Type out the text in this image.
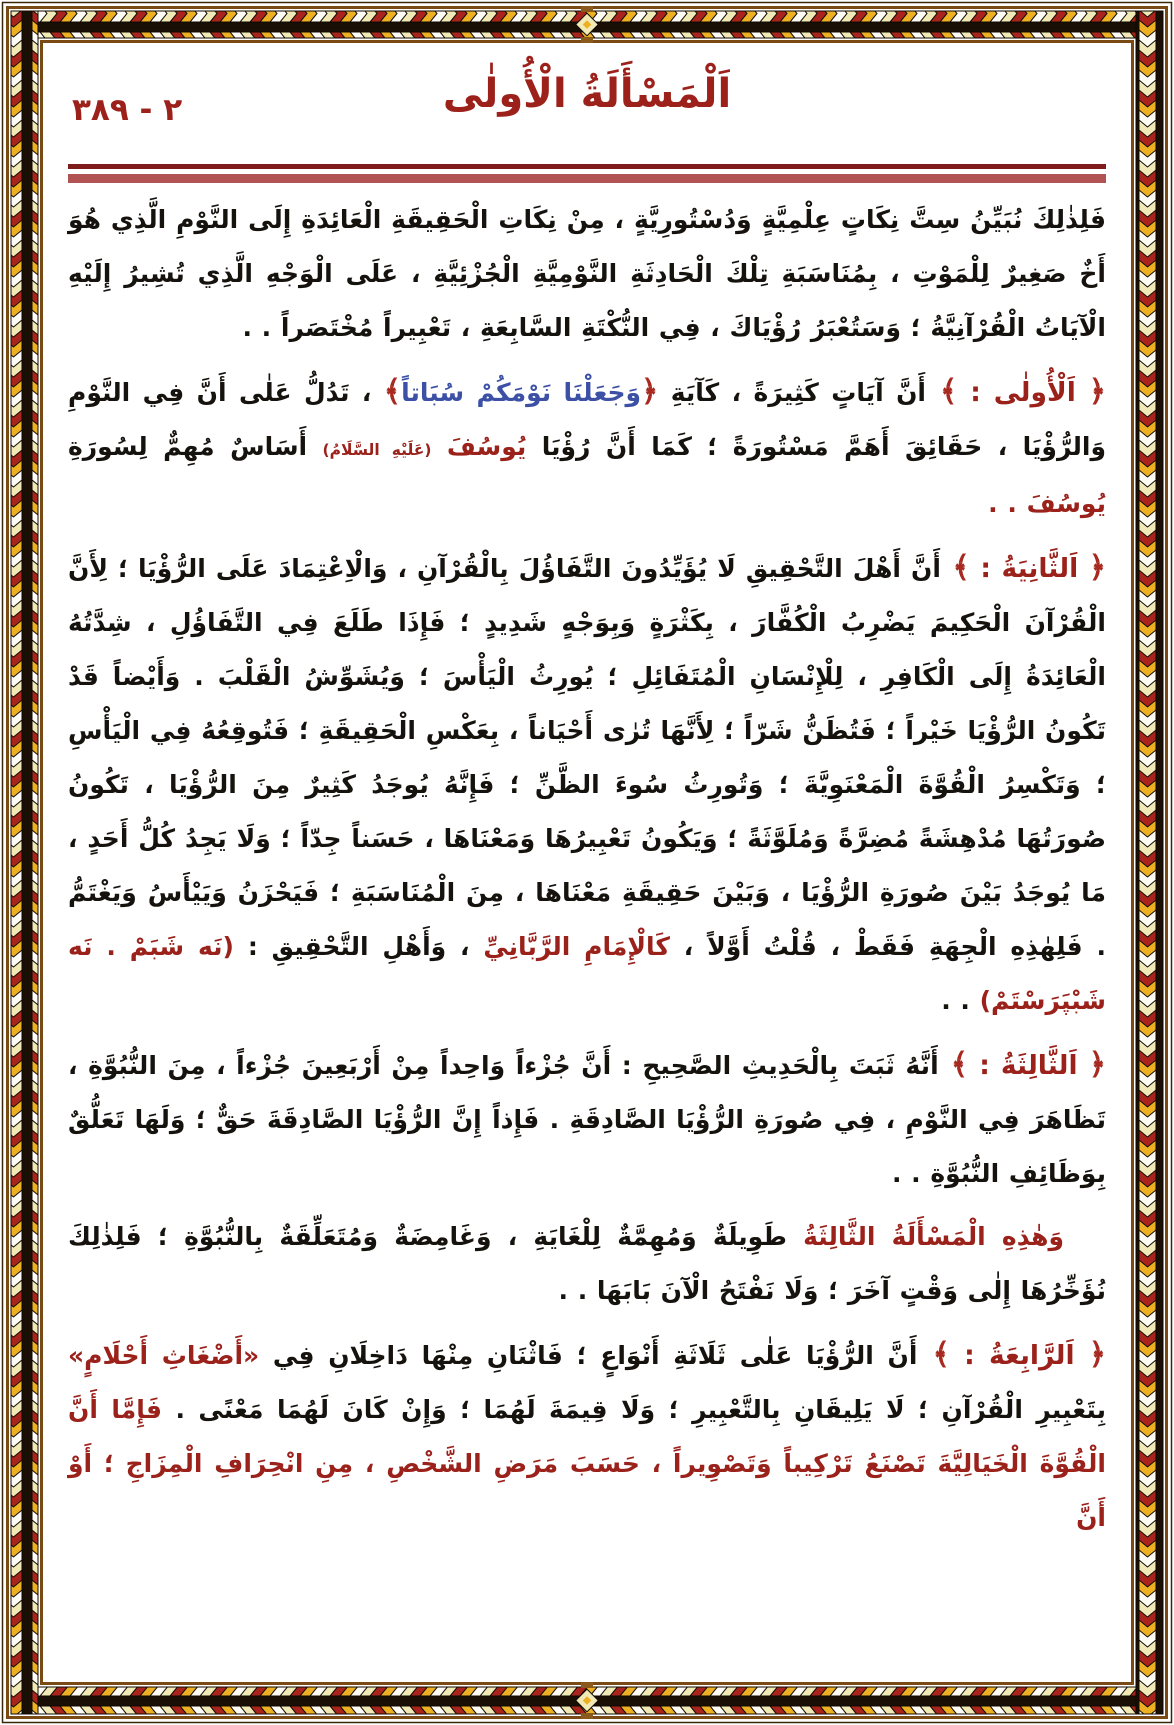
٢ - ٣٨٩	اَلْمَسْأَلَةُ الْأُولٰى

فَلِذٰلِكَ نُبَيِّنُ سِتَّ نِكَاتٍ عِلْمِيَّةٍ وَدُسْتُورِيَّةٍ ، مِنْ نِكَاتِ الْحَقِيقَةِ الْعَائِدَةِ إِلَى النَّوْمِ الَّذِي هُوَ أَخٌ صَغِيرٌ لِلْمَوْتِ ، بِمُنَاسَبَةِ تِلْكَ الْحَادِثَةِ النَّوْمِيَّةِ الْجُزْئِيَّةِ ، عَلَى الْوَجْهِ الَّذِي تُشِيرُ إِلَيْهِ الْآيَاتُ الْقُرْآنِيَّةُ ؛ وَسَتُعْبَرُ رُؤْيَاكَ ، فِي النُّكْتَةِ السَّابِعَةِ ، تَعْبِيراً مُخْتَصَراً . .

﴿ اَلْأُولٰى : ﴾ أَنَّ آيَاتٍ كَثِيرَةً ، كَآيَةِ ﴿وَجَعَلْنَا نَوْمَكُمْ سُبَاتاً﴾ ، تَدُلُّ عَلٰى أَنَّ فِي النَّوْمِ وَالرُّؤْيَا ، حَقَائِقَ أَهَمَّ مَسْتُورَةً ؛ كَمَا أَنَّ رُؤْيَا يُوسُفَ (عَلَيْهِ السَّلَامُ) أَسَاسٌ مُهِمٌّ لِسُورَةِ يُوسُفَ . .

﴿ اَلثَّانِيَةُ : ﴾ أَنَّ أَهْلَ التَّحْقِيقِ لَا يُؤَيِّدُونَ التَّفَاؤُلَ بِالْقُرْآنِ ، وَالْاِعْتِمَادَ عَلَى الرُّؤْيَا ؛ لِأَنَّ الْقُرْآنَ الْحَكِيمَ يَضْرِبُ الْكُفَّارَ ، بِكَثْرَةٍ وَبِوَجْهٍ شَدِيدٍ ؛ فَإِذَا طَلَعَ فِي التَّفَاؤُلِ ، شِدَّتُهُ الْعَائِدَةُ إِلَى الْكَافِرِ ، لِلْإِنْسَانِ الْمُتَفَائِلِ ؛ يُورِثُ الْيَأْسَ ؛ وَيُشَوِّشُ الْقَلْبَ . وَأَيْضاً قَدْ تَكُونُ الرُّؤْيَا خَيْراً ؛ فَتُظَنُّ شَرّاً ؛ لِأَنَّهَا تُرٰى أَحْيَاناً ، بِعَكْسِ الْحَقِيقَةِ ؛ فَتُوقِعُهُ فِي الْيَأْسِ ؛ وَتَكْسِرُ الْقُوَّةَ الْمَعْنَوِيَّةَ ؛ وَتُورِثُ سُوءَ الظَّنِّ ؛ فَإِنَّهُ يُوجَدُ كَثِيرٌ مِنَ الرُّؤْيَا ، تَكُونُ صُورَتُهَا مُدْهِشَةً مُضِرَّةً وَمُلَوَّثَةً ؛ وَيَكُونُ تَعْبِيرُهَا وَمَعْنَاهَا ، حَسَناً جِدّاً ؛ وَلَا يَجِدُ كُلُّ أَحَدٍ ، مَا يُوجَدُ بَيْنَ صُورَةِ الرُّؤْيَا ، وَبَيْنَ حَقِيقَةِ مَعْنَاهَا ، مِنَ الْمُنَاسَبَةِ ؛ فَيَحْزَنُ وَيَيْأَسُ وَيَغْتَمُّ . فَلِهٰذِهِ الْجِهَةِ فَقَطْ ، قُلْتُ أَوَّلاً ، كَالْإِمَامِ الرَّبَّانِيِّ ، وَأَهْلِ التَّحْقِيقِ : (نَه شَبَمْ . نَه شَبْپَرَسْتَمْ) . .

﴿ اَلثَّالِثَةُ : ﴾ أَنَّهُ ثَبَتَ بِالْحَدِيثِ الصَّحِيحِ : أَنَّ جُزْءاً وَاحِداً مِنْ أَرْبَعِينَ جُزْءاً ، مِنَ النُّبُوَّةِ ، تَظَاهَرَ فِي النَّوْمِ ، فِي صُورَةِ الرُّؤْيَا الصَّادِقَةِ . فَإِذاً إِنَّ الرُّؤْيَا الصَّادِقَةَ حَقٌّ ؛ وَلَهَا تَعَلُّقٌ بِوَظَائِفِ النُّبُوَّةِ . .

وَهٰذِهِ الْمَسْأَلَةُ الثَّالِثَةُ طَوِيلَةٌ وَمُهِمَّةٌ لِلْغَايَةِ ، وَغَامِضَةٌ وَمُتَعَلِّقَةٌ بِالنُّبُوَّةِ ؛ فَلِذٰلِكَ نُؤَخِّرُهَا إِلٰى وَقْتٍ آخَرَ ؛ وَلَا نَفْتَحُ الْآنَ بَابَهَا . .

﴿ اَلرَّابِعَةُ : ﴾ أَنَّ الرُّؤْيَا عَلٰى ثَلَاثَةِ أَنْوَاعٍ ؛ فَاثْنَانِ مِنْهَا دَاخِلَانِ فِي «أَضْغَاثِ أَحْلَامٍ» بِتَعْبِيرِ الْقُرْآنِ ؛ لَا يَلِيقَانِ بِالتَّعْبِيرِ ؛ وَلَا قِيمَةَ لَهُمَا ؛ وَإِنْ كَانَ لَهُمَا مَعْنًى . فَإِمَّا أَنَّ الْقُوَّةَ الْخَيَالِيَّةَ تَصْنَعُ تَرْكِيباً وَتَصْوِيراً ، حَسَبَ مَرَضِ الشَّخْصِ ، مِنِ انْحِرَافِ الْمِزَاجِ ؛ أَوْ أَنَّ
